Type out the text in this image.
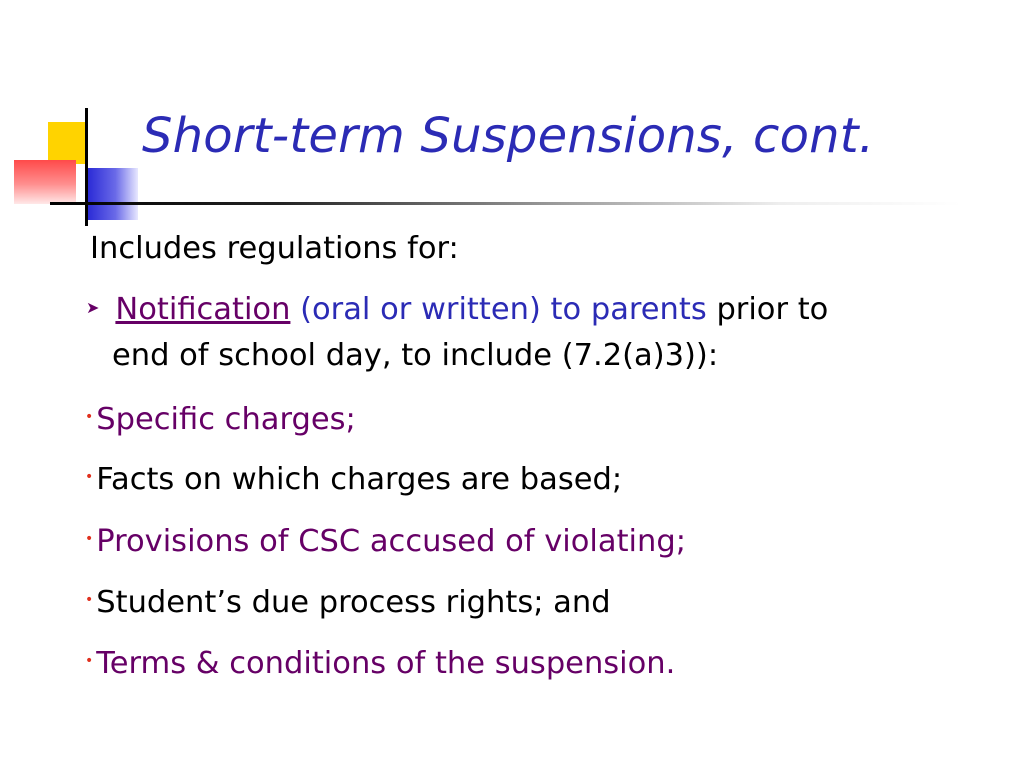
Short-term Suspensions, cont.
Includes regulations for:
➤ Notification (oral or written) to parents prior to
end of school day, to include (7.2(a)3)):
•Specific charges;
•Facts on which charges are based;
•Provisions of CSC accused of violating;
•Student’s due process rights; and
•Terms & conditions of the suspension.
